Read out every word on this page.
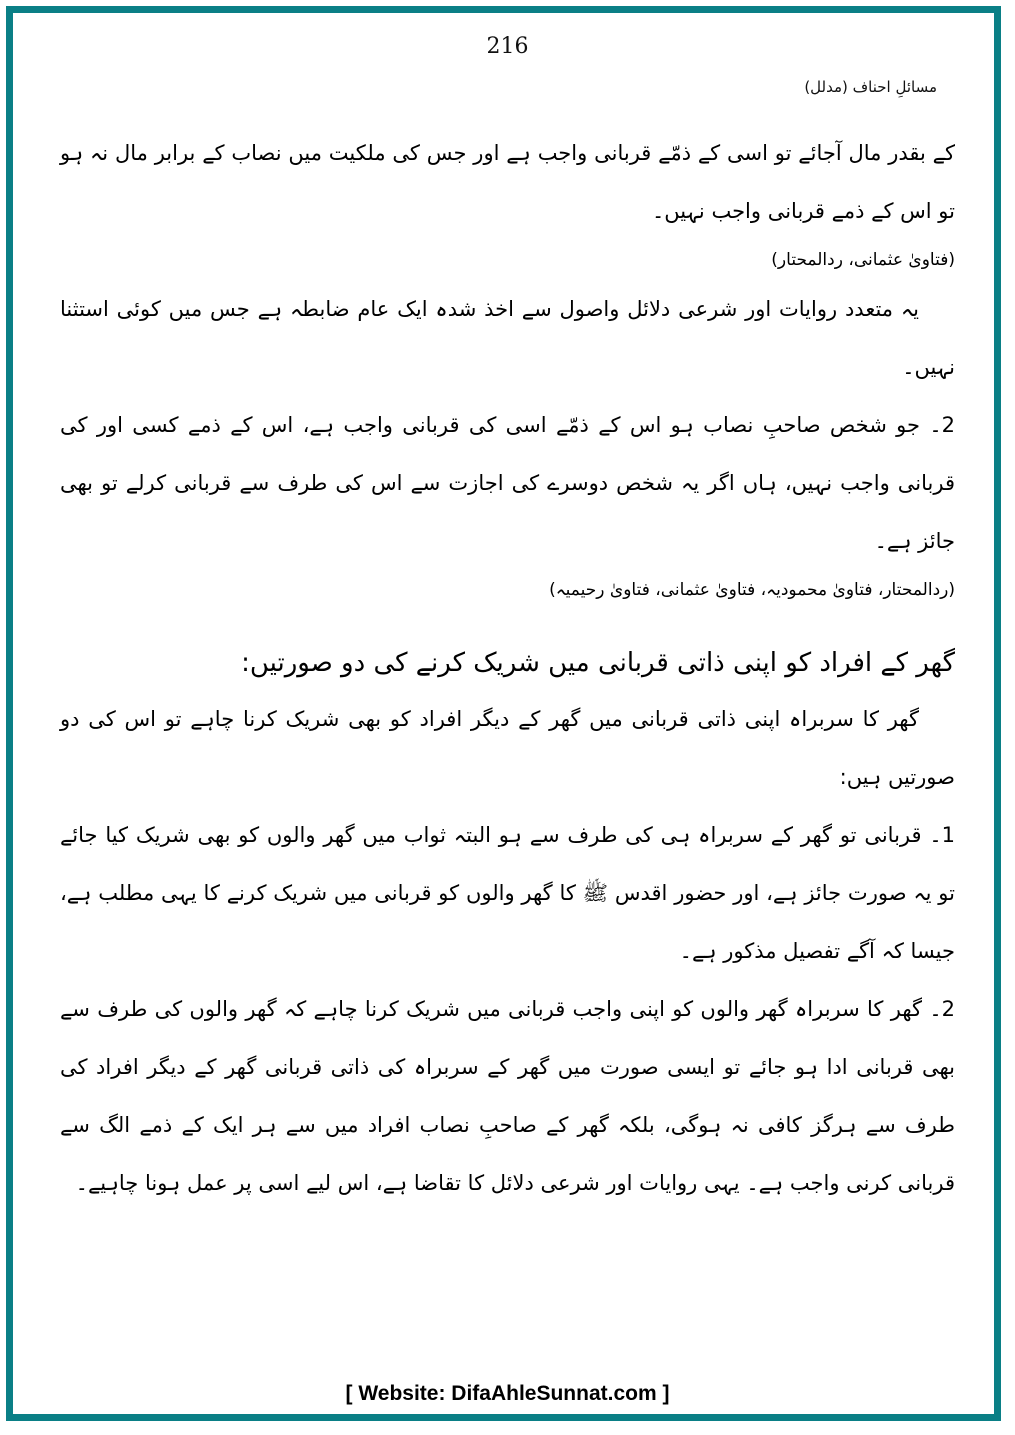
216
مسائلِ احناف (مدلل)

کے بقدر مال آجائے تو اسی کے ذمّے قربانی واجب ہے اور جس کی ملکیت میں نصاب کے برابر مال نہ ہو تو اس کے ذمے قربانی واجب نہیں۔

(فتاویٰ عثمانی، ردالمحتار)

یہ متعدد روایات اور شرعی دلائل واصول سے اخذ شدہ ایک عام ضابطہ ہے جس میں کوئی استثنا نہیں۔

2۔ جو شخص صاحبِ نصاب ہو اس کے ذمّے اسی کی قربانی واجب ہے، اس کے ذمے کسی اور کی قربانی واجب نہیں، ہاں اگر یہ شخص دوسرے کی اجازت سے اس کی طرف سے قربانی کرلے تو بھی جائز ہے۔

(ردالمحتار، فتاویٰ محمودیہ، فتاویٰ عثمانی، فتاویٰ رحیمیہ)

گھر کے افراد کو اپنی ذاتی قربانی میں شریک کرنے کی دو صورتیں:

گھر کا سربراہ اپنی ذاتی قربانی میں گھر کے دیگر افراد کو بھی شریک کرنا چاہے تو اس کی دو صورتیں ہیں:

1۔ قربانی تو گھر کے سربراہ ہی کی طرف سے ہو البتہ ثواب میں گھر والوں کو بھی شریک کیا جائے تو یہ صورت جائز ہے، اور حضور اقدس ﷺ کا گھر والوں کو قربانی میں شریک کرنے کا یہی مطلب ہے، جیسا کہ آگے تفصیل مذکور ہے۔

2۔ گھر کا سربراہ گھر والوں کو اپنی واجب قربانی میں شریک کرنا چاہے کہ گھر والوں کی طرف سے بھی قربانی ادا ہو جائے تو ایسی صورت میں گھر کے سربراہ کی ذاتی قربانی گھر کے دیگر افراد کی طرف سے ہرگز کافی نہ ہوگی، بلکہ گھر کے صاحبِ نصاب افراد میں سے ہر ایک کے ذمے الگ سے قربانی کرنی واجب ہے۔ یہی روایات اور شرعی دلائل کا تقاضا ہے، اس لیے اسی پر عمل ہونا چاہیے۔

[ Website: DifaAhleSunnat.com ]
